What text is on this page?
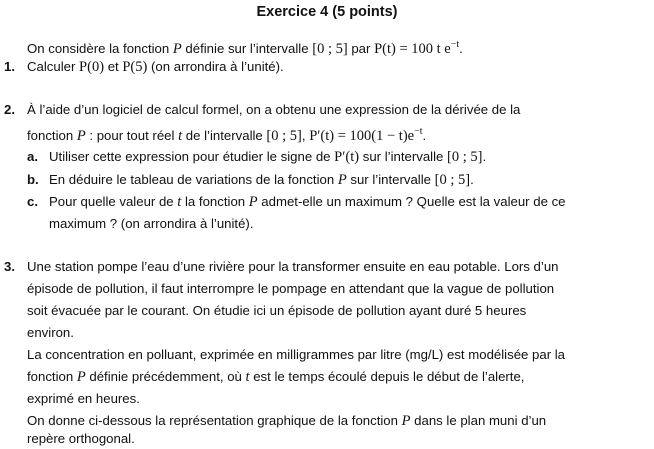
Exercice 4 (5 points)
On considère la fonction P définie sur l’intervalle [0 ; 5] par P(t) = 100 t $e^{-t}$.
1. Calculer P(0) et P(5) (on arrondira à l’unité).
2. À l’aide d’un logiciel de calcul formel, on a obtenu une expression de la dérivée de la
fonction P : pour tout réel t de l’intervalle [0 ; 5], $P'(t) = 100(1 - t)e^{-t}$.
a. Utiliser cette expression pour étudier le signe de P′(t) sur l’intervalle [0 ; 5].
b. En déduire le tableau de variations de la fonction P sur l’intervalle [0 ; 5].
c. Pour quelle valeur de t la fonction P admet-elle un maximum ? Quelle est la valeur de ce
maximum ? (on arrondira à l’unité).
3. Une station pompe l’eau d’une rivière pour la transformer ensuite en eau potable. Lors d’un
épisode de pollution, il faut interrompre le pompage en attendant que la vague de pollution
soit évacuée par le courant. On étudie ici un épisode de pollution ayant duré 5 heures
environ.
La concentration en polluant, exprimée en milligrammes par litre (mg/L) est modélisée par la
fonction P définie précédemment, où t est le temps écoulé depuis le début de l’alerte,
exprimé en heures.
On donne ci-dessous la représentation graphique de la fonction P dans le plan muni d’un
repère orthogonal.
